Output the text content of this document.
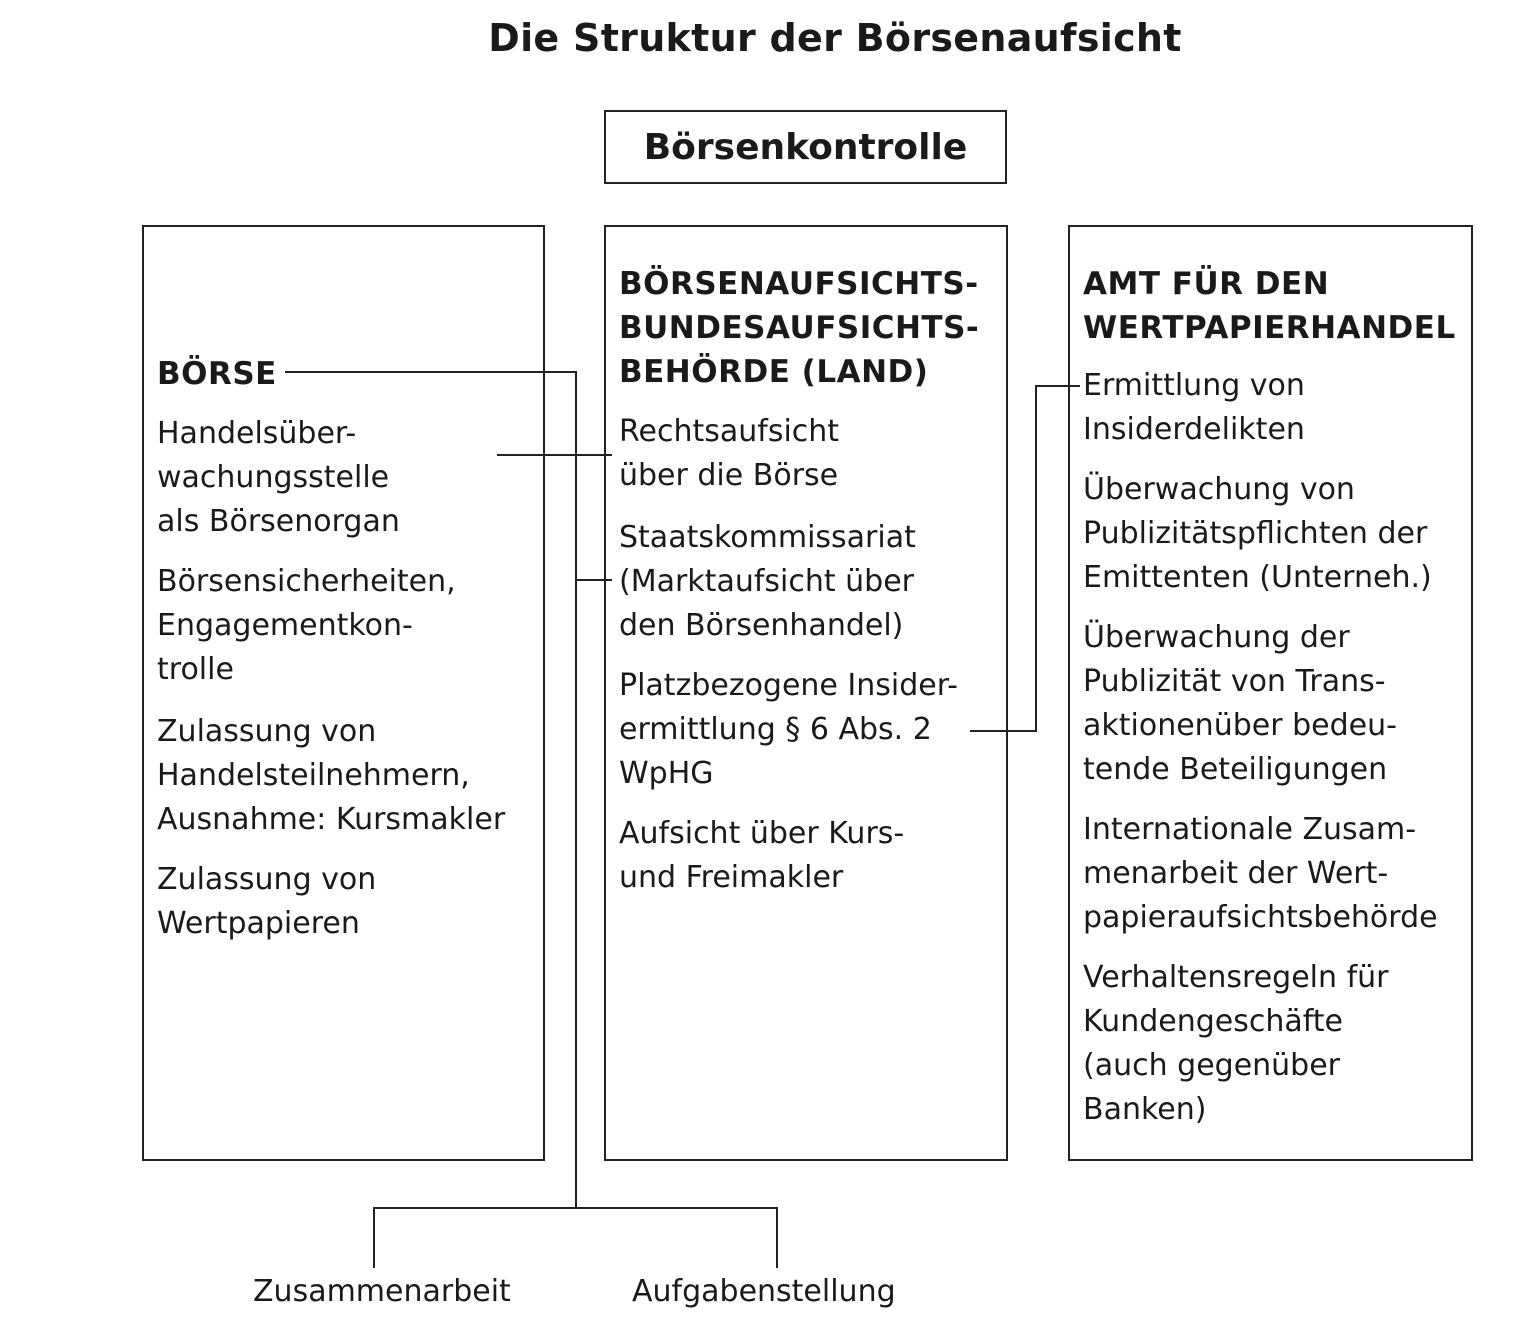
Die Struktur der Börsenaufsicht
Börsenkontrolle
BÖRSE
Handelsüber-
wachungsstelle
als Börsenorgan
Börsensicherheiten,
Engagementkon-
trolle
Zulassung von
Handelsteilnehmern,
Ausnahme: Kursmakler
Zulassung von
Wertpapieren
BÖRSENAUFSICHTS-
BUNDESAUFSICHTS-
BEHÖRDE (LAND)
Rechtsaufsicht
über die Börse
Staatskommissariat
(Marktaufsicht über
den Börsenhandel)
Platzbezogene Insider-
ermittlung § 6 Abs. 2
WpHG
Aufsicht über Kurs-
und Freimakler
AMT FÜR DEN
WERTPAPIERHANDEL
Ermittlung von
Insiderdelikten
Überwachung von
Publizitätspflichten der
Emittenten (Unterneh.)
Überwachung der
Publizität von Trans-
aktionenüber bedeu-
tende Beteiligungen
Internationale Zusam-
menarbeit der Wert-
papieraufsichtsbehörde
Verhaltensregeln für
Kundengeschäfte
(auch gegenüber
Banken)
Zusammenarbeit	Aufgabenstellung
